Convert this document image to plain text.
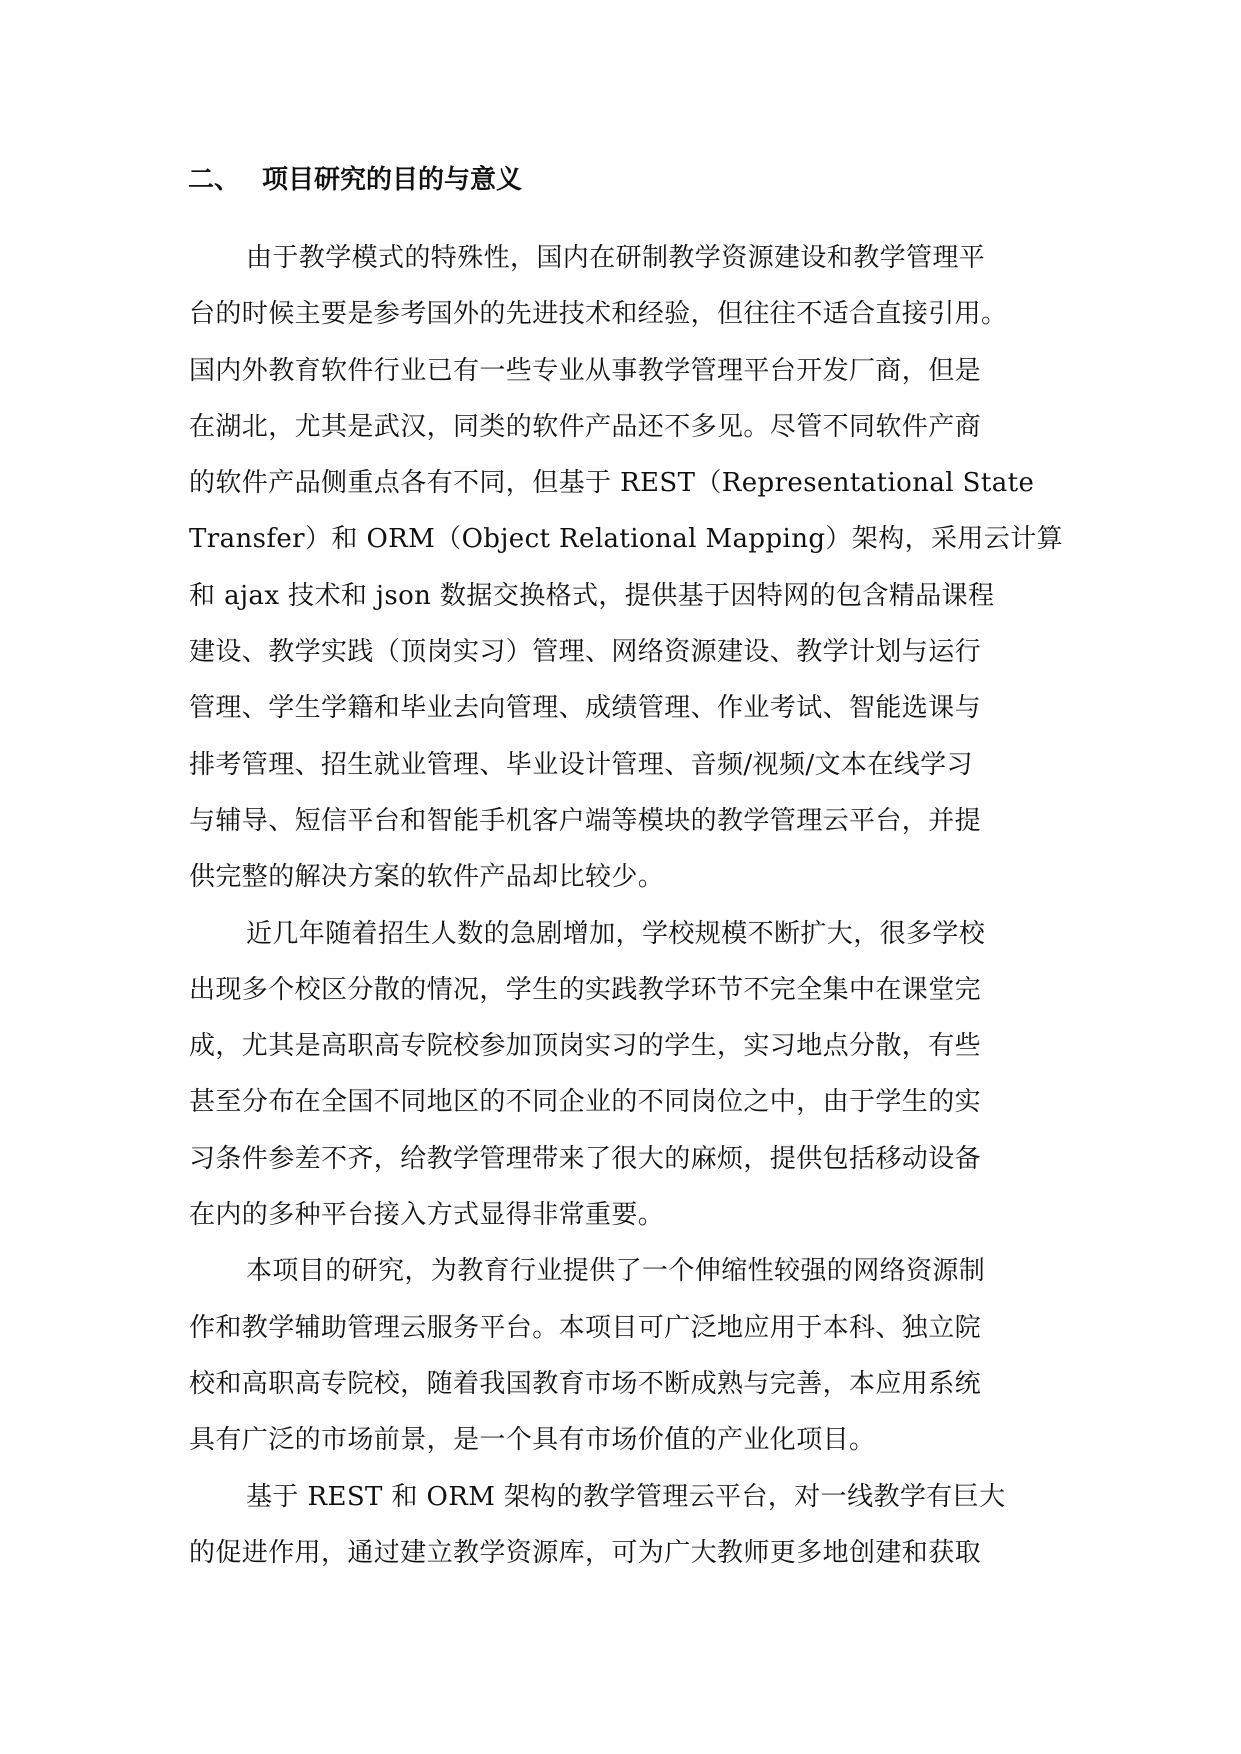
二、 项目研究的目的与意义
由于教学模式的特殊性，国内在研制教学资源建设和教学管理平
台的时候主要是参考国外的先进技术和经验，但往往不适合直接引用。
国内外教育软件行业已有一些专业从事教学管理平台开发厂商，但是
在湖北，尤其是武汉，同类的软件产品还不多见。尽管不同软件产商
的软件产品侧重点各有不同，但基于 REST（Representational State
Transfer）和 ORM（Object Relational Mapping）架构，采用云计算
和 ajax 技术和 json 数据交换格式，提供基于因特网的包含精品课程
建设、教学实践（顶岗实习）管理、网络资源建设、教学计划与运行
管理、学生学籍和毕业去向管理、成绩管理、作业考试、智能选课与
排考管理、招生就业管理、毕业设计管理、音频/视频/文本在线学习
与辅导、短信平台和智能手机客户端等模块的教学管理云平台，并提
供完整的解决方案的软件产品却比较少。
近几年随着招生人数的急剧增加，学校规模不断扩大，很多学校
出现多个校区分散的情况，学生的实践教学环节不完全集中在课堂完
成，尤其是高职高专院校参加顶岗实习的学生，实习地点分散，有些
甚至分布在全国不同地区的不同企业的不同岗位之中，由于学生的实
习条件参差不齐，给教学管理带来了很大的麻烦，提供包括移动设备
在内的多种平台接入方式显得非常重要。
本项目的研究，为教育行业提供了一个伸缩性较强的网络资源制
作和教学辅助管理云服务平台。本项目可广泛地应用于本科、独立院
校和高职高专院校，随着我国教育市场不断成熟与完善，本应用系统
具有广泛的市场前景，是一个具有市场价值的产业化项目。
基于 REST 和 ORM 架构的教学管理云平台，对一线教学有巨大
的促进作用，通过建立教学资源库，可为广大教师更多地创建和获取
